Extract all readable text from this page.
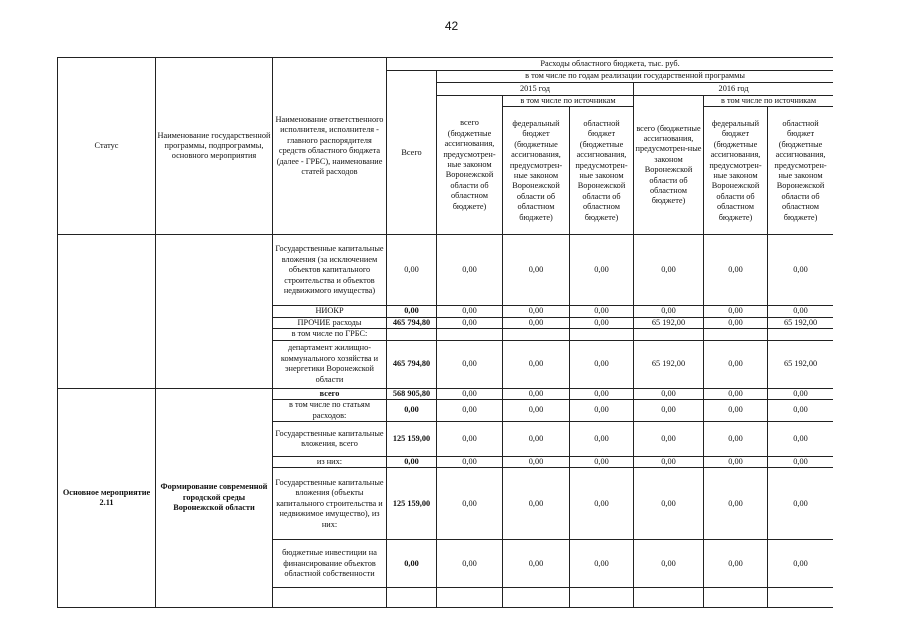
42
Статус	Наименование государственной программы, подпрограммы, основного мероприятия	Наименование ответственного исполнителя, исполнителя - главного распорядителя средств областного бюджета (далее - ГРБС), наименование статей расходов	Расходы областного бюджета, тыс. руб.						
			Всего	в том числе по годам реализации государственной программы					
				2015 год			2016 год		
				всего (бюджетные ассигнования, предусмотрен-ные законом Воронежской области об областном бюджете)	в том числе по источникам		всего (бюджетные ассигнования, предусмотрен-ные законом Воронежской области об областном бюджете)	в том числе по источникам	
					федеральный бюджет (бюджетные ассигнования, предусмотрен-ные законом Воронежской области об областном бюджете)	областной бюджет (бюджетные ассигнования, предусмотрен-ные законом Воронежской области об областном бюджете)		федеральный бюджет (бюджетные ассигнования, предусмотрен-ные законом Воронежской области об областном бюджете)	областной бюджет (бюджетные ассигнования, предусмотрен-ные законом Воронежской области об областном бюджете)
		Государственные капитальные вложения (за исключением объектов капитального строительства и объектов недвижимого имущества)	0,00	0,00	0,00	0,00	0,00	0,00	0,00
		НИОКР	0,00	0,00	0,00	0,00	0,00	0,00	0,00
		ПРОЧИЕ расходы	465 794,80	0,00	0,00	0,00	65 192,00	0,00	65 192,00
		в том числе по ГРБС:							
		департамент жилищно-коммунального хозяйства и энергетики Воронежской области	465 794,80	0,00	0,00	0,00	65 192,00	0,00	65 192,00
Основное мероприятие 2.11	Формирование современной городской среды Воронежской области	всего	568 905,80	0,00	0,00	0,00	0,00	0,00	0,00
		в том числе по статьям расходов:	0,00	0,00	0,00	0,00	0,00	0,00	0,00
		Государственные капитальные вложения, всего	125 159,00	0,00	0,00	0,00	0,00	0,00	0,00
		из них:	0,00	0,00	0,00	0,00	0,00	0,00	0,00
		Государственные капитальные вложения (объекты капитального строительства и недвижимое имущество), из них:	125 159,00	0,00	0,00	0,00	0,00	0,00	0,00
		бюджетные инвестиции на финансирование объектов областной собственности	0,00	0,00	0,00	0,00	0,00	0,00	0,00
